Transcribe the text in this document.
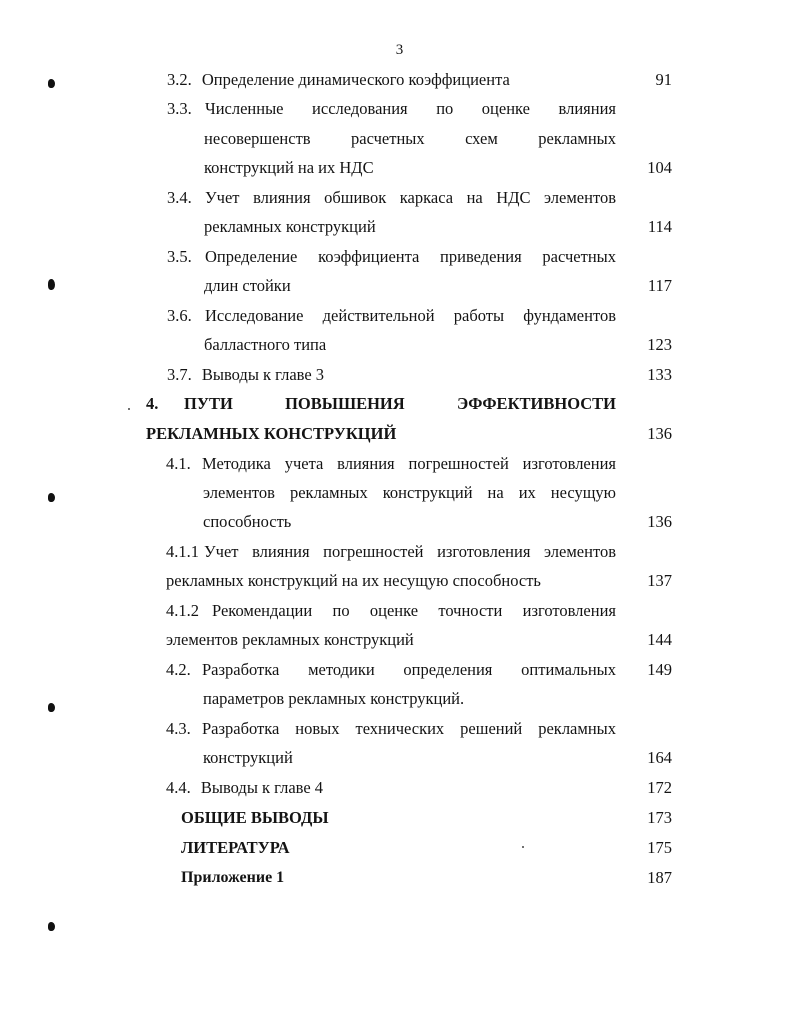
3
3.2. Определение динамического коэффициента	91
3.3. Численные исследования по оценке влияния
несовершенств расчетных схем рекламных
конструкций на их НДС	104
3.4. Учет влияния обшивок каркаса на НДС элементов
рекламных конструкций	114
3.5. Определение коэффициента приведения расчетных
длин стойки	117
3.6. Исследование действительной работы фундаментов
балластного типа	123
3.7. Выводы к главе 3	133
4.	ПУТИ ПОВЫШЕНИЯ ЭФФЕКТИВНОСТИ
РЕКЛАМНЫХ КОНСТРУКЦИЙ	136
4.1. Методика учета влияния погрешностей изготовления
элементов рекламных конструкций на их несущую
способность	136
4.1.1 Учет влияния погрешностей изготовления элементов
рекламных конструкций на их несущую способность	137
4.1.2 Рекомендации по оценке точности изготовления
элементов рекламных конструкций	144
4.2. Разработка методики определения оптимальных	149
параметров рекламных конструкций.
4.3. Разработка новых технических решений рекламных
конструкций	164
4.4. Выводы к главе 4	172
ОБЩИЕ ВЫВОДЫ	173
ЛИТЕРАТУРА	175
Приложение 1	187
